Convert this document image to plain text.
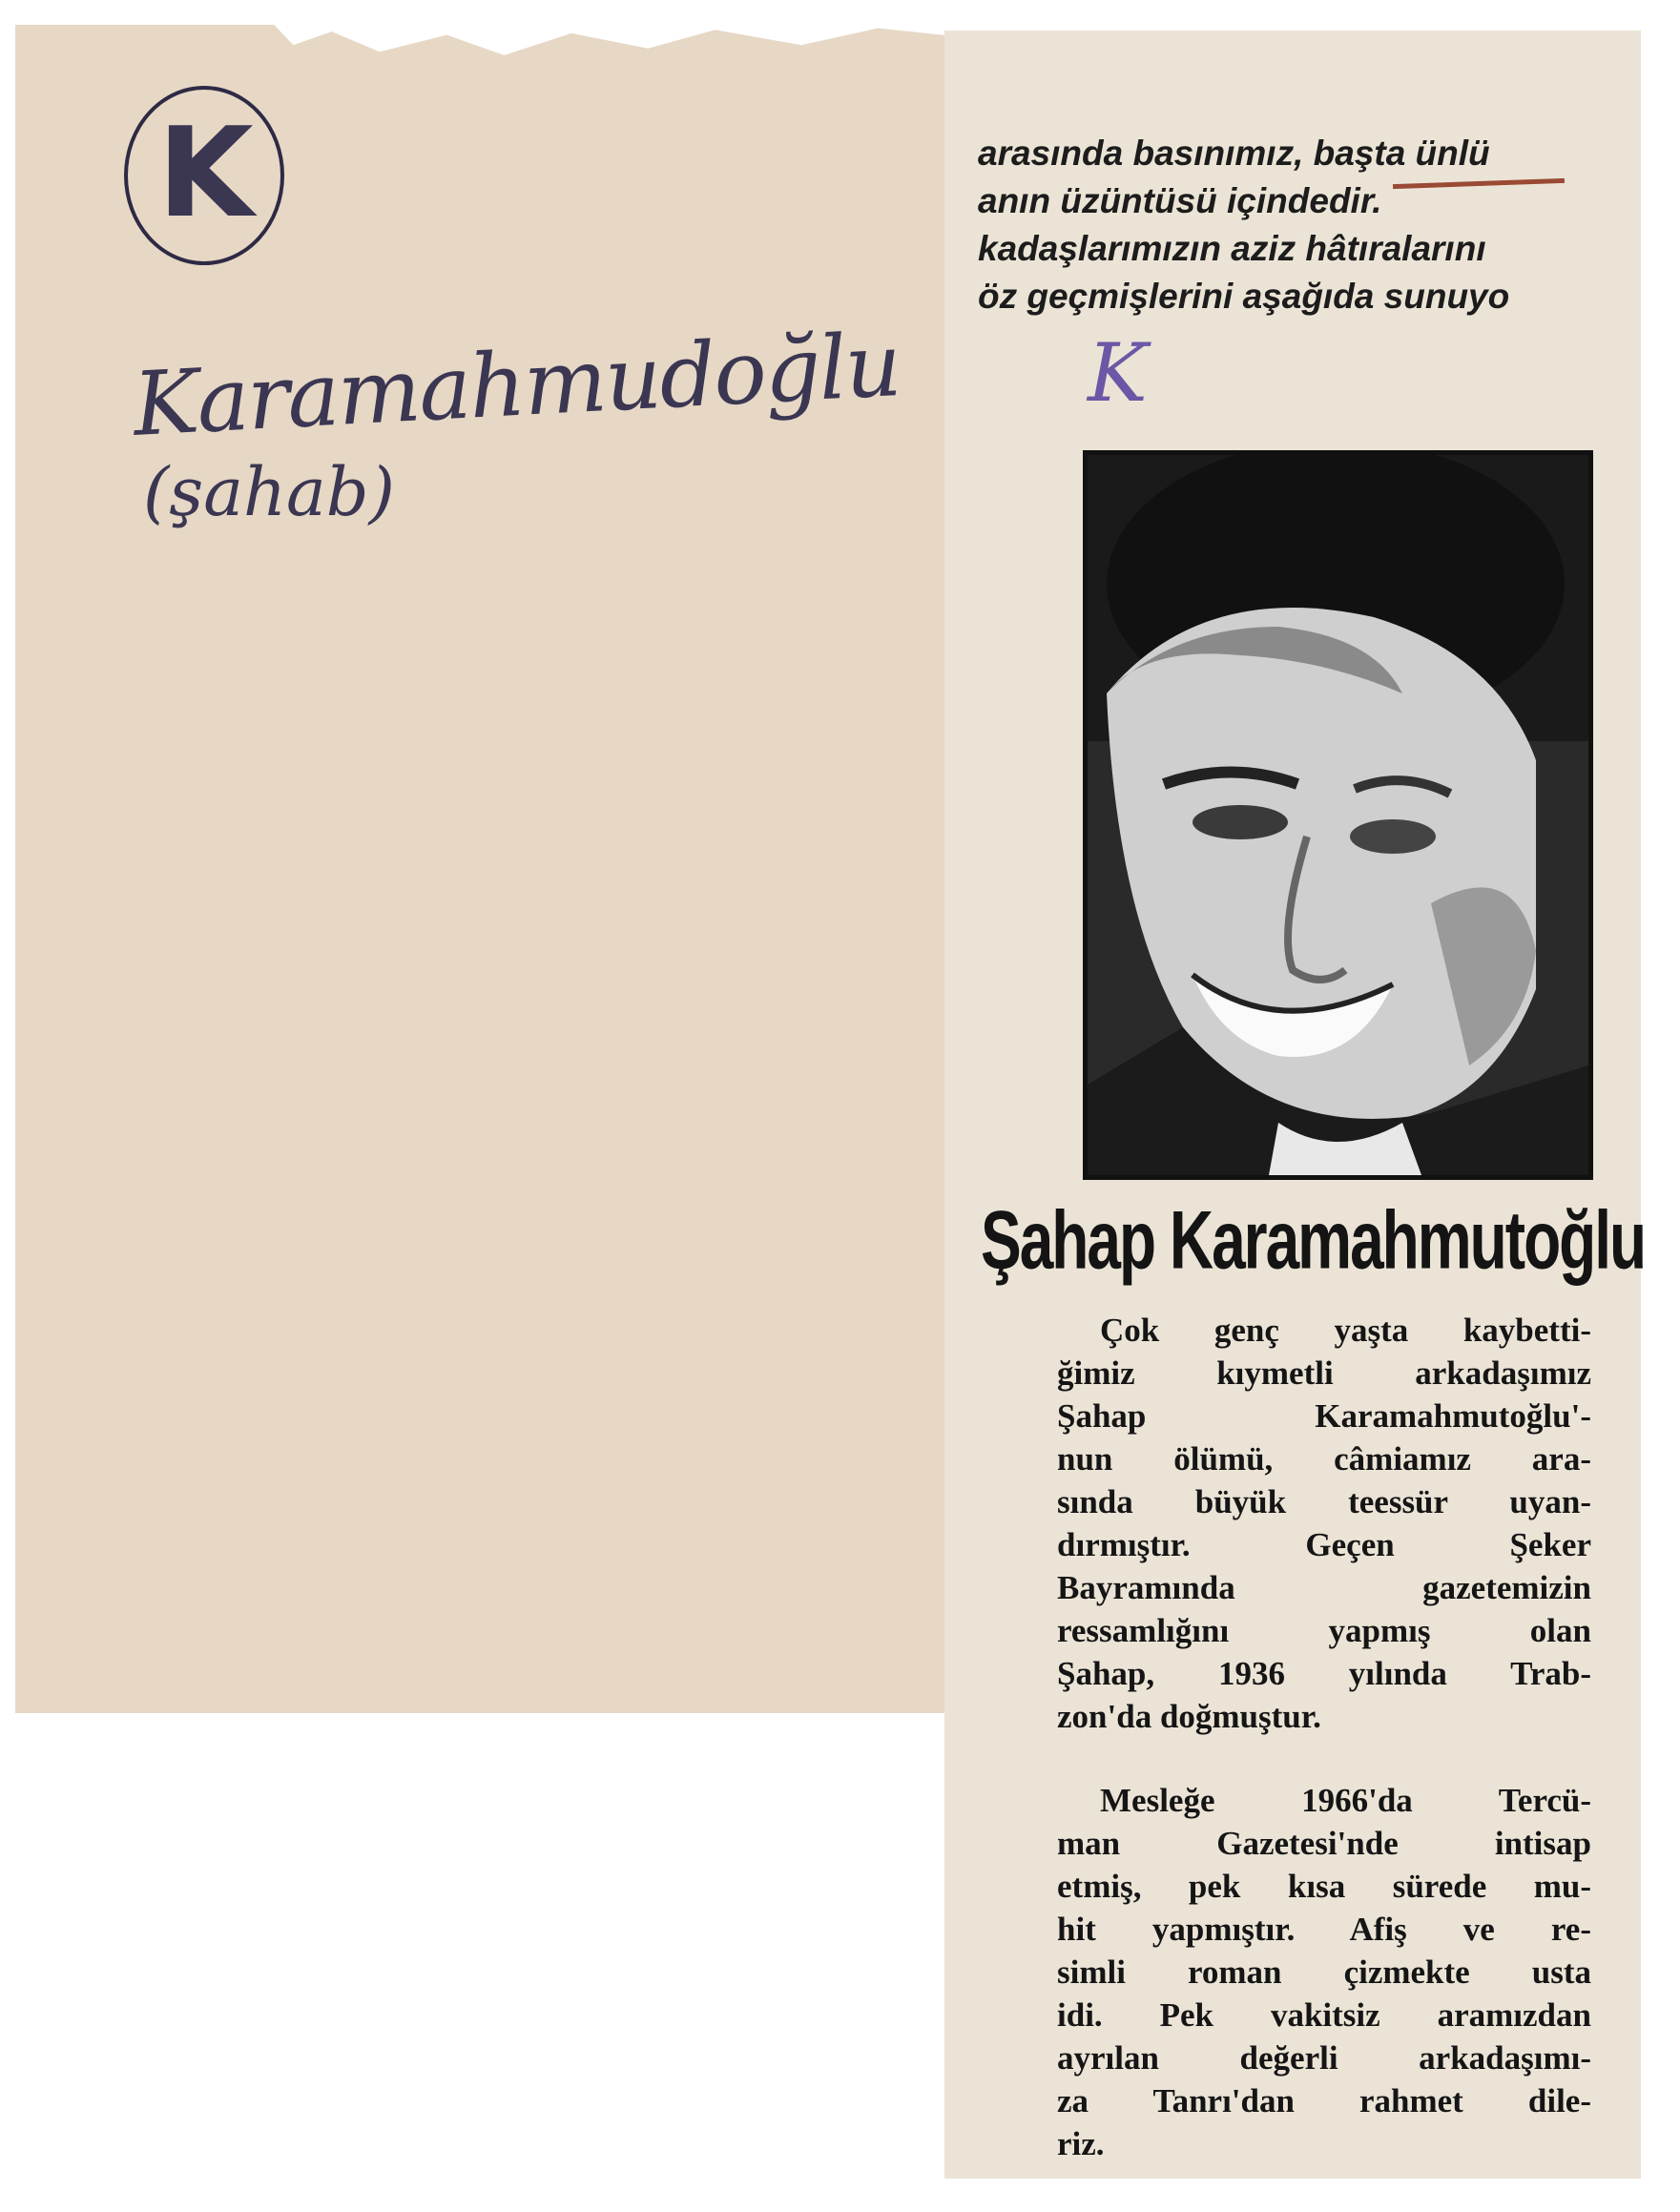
K
Karamahmudoğlu
(şahab)
arasında basınımız, başta ünlü
anın üzüntüsü içindedir.
kadaşlarımızın aziz hâtıralarını
öz geçmişlerini aşağıda sunuyo
K
Şahap Karamahmutoğlu
Çok genç yaşta kaybetti-
ğimiz kıymetli arkadaşımız
Şahap Karamahmutoğlu'-
nun ölümü, câmiamız ara-
sında büyük teessür uyan-
dırmıştır. Geçen Şeker
Bayramında gazetemizin
ressamlığını yapmış olan
Şahap, 1936 yılında Trab-
zon'da doğmuştur.
Mesleğe 1966'da Tercü-
man Gazetesi'nde intisap
etmiş, pek kısa sürede mu-
hit yapmıştır. Afiş ve re-
simli roman çizmekte usta
idi. Pek vakitsiz aramızdan
ayrılan değerli arkadaşımı-
za Tanrı'dan rahmet dile-
riz.
